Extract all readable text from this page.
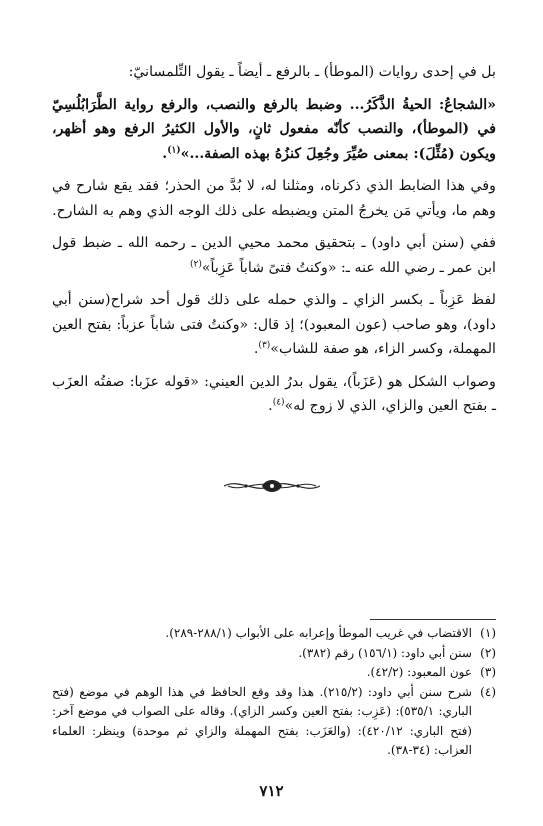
بل في إحدى روايات (الموطأ) ـ بالرفع ـ أيضاً ـ يقول التِّلمسانيّ:

«الشجاعُ: الحيةُ الذَّكَرُ... وضبط بالرفع والنصب، والرفع رواية الطَّرَابُلُسِيّ في (الموطأ)، والنصب كأنّه مفعول ثانٍ، والأول الكثيرُ الرفع وهو أظهر، ويكون (مُثِّلَ): بمعنى صُيِّرَ وجُعِلَ كنزُهُ بهذه الصفة...»$^{(١)}$.

وفي هذا الضابط الذي ذكرناه، ومثلنا له، لا بُدَّ من الحذر؛ فقد يقع شارح في وهم ما، ويأتي مَن يخرجُ المتن ويضبطه على ذلك الوجه الذي وهم به الشارح.

ففي (سنن أبي داود) ـ بتحقيق محمد محيي الدين ـ رحمه الله ـ ضبط قول ابن عمر ـ رضي الله عنه ـ: «وكنتُ فتىً شاباً عَزِباً»$^{(٢)}$

لفظ عَزِباً ـ بكسر الزاي ـ والذي حمله على ذلك قول أحد شراح(سنن أبي داود)، وهو صاحب (عون المعبود)؛ إذ قال: «وكنتُ فتى شاباً عزباً: بفتح العين المهملة، وكسر الزاء، هو صفة للشاب»$^{(٣)}$.

وصواب الشكل هو (عَزَباً)، يقول بدرُ الدين العيني: «قوله عزَبا: صفتُه العزَب ـ بفتح العين والزاي، الذي لا زوج له»$^{(٤)}$.

(١)
الاقتضاب في غريب الموطأ وإعرابه على الأبواب (٢٨٨/١-٢٨٩).
(٢)
سنن أبي داود: (١٥٦/١) رقم (٣٨٢).
(٣)
عون المعبود: (٤٢/٢).
(٤)
شرح سنن أبي داود: (٢١٥/٢). هذا وقد وقع الحافظ في هذا الوهم في موضع (فتح الباري: ٥٣٥/١): (عَزِب: بفتح العين وكسر الزاي). وقاله على الصواب في موضع آخر: (فتح الباري: ٤٢٠/١٢): (والعَزَب: بفتح المهملة والزاي ثم موحدة) وينظر: العلماء العزاب: (٣٤-٣٨).
٧١٢
